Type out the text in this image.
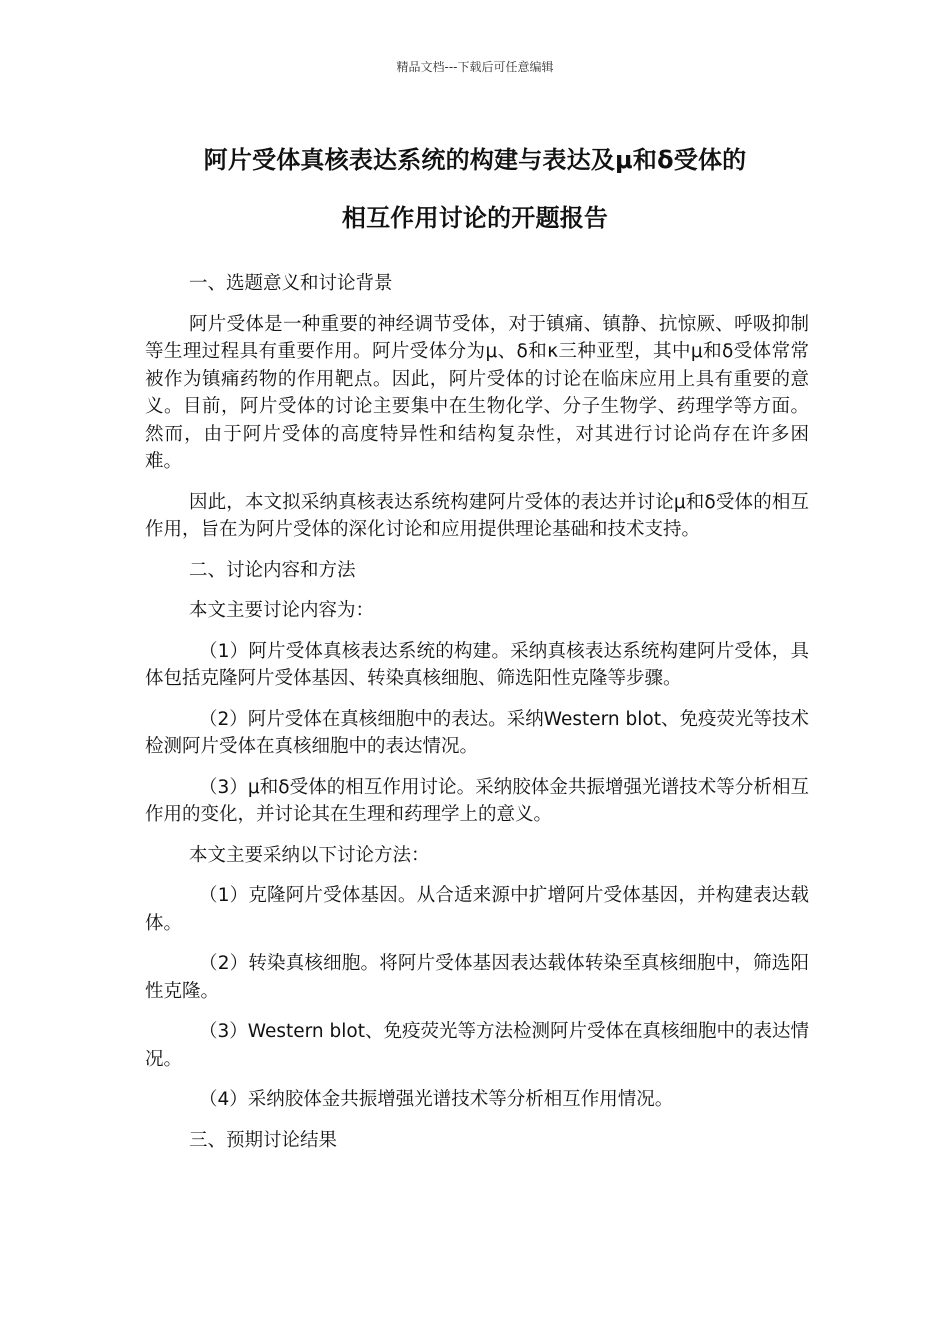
精品文档---下载后可任意编辑
阿片受体真核表达系统的构建与表达及μ和δ受体的
相互作用讨论的开题报告

一、选题意义和讨论背景

阿片受体是一种重要的神经调节受体，对于镇痛、镇静、抗惊厥、呼吸抑制等生理过程具有重要作用。阿片受体分为μ、δ和κ三种亚型，其中μ和δ受体常常被作为镇痛药物的作用靶点。因此，阿片受体的讨论在临床应用上具有重要的意义。目前，阿片受体的讨论主要集中在生物化学、分子生物学、药理学等方面。然而，由于阿片受体的高度特异性和结构复杂性，对其进行讨论尚存在许多困难。

因此，本文拟采纳真核表达系统构建阿片受体的表达并讨论μ和δ受体的相互作用，旨在为阿片受体的深化讨论和应用提供理论基础和技术支持。

二、讨论内容和方法

本文主要讨论内容为：

（1）阿片受体真核表达系统的构建。采纳真核表达系统构建阿片受体，具体包括克隆阿片受体基因、转染真核细胞、筛选阳性克隆等步骤。

（2）阿片受体在真核细胞中的表达。采纳Western blot、免疫荧光等技术检测阿片受体在真核细胞中的表达情况。

（3）μ和δ受体的相互作用讨论。采纳胶体金共振增强光谱技术等分析相互作用的变化，并讨论其在生理和药理学上的意义。

本文主要采纳以下讨论方法：

（1）克隆阿片受体基因。从合适来源中扩增阿片受体基因，并构建表达载体。

（2）转染真核细胞。将阿片受体基因表达载体转染至真核细胞中，筛选阳性克隆。

（3）Western blot、免疫荧光等方法检测阿片受体在真核细胞中的表达情况。

（4）采纳胶体金共振增强光谱技术等分析相互作用情况。

三、预期讨论结果
